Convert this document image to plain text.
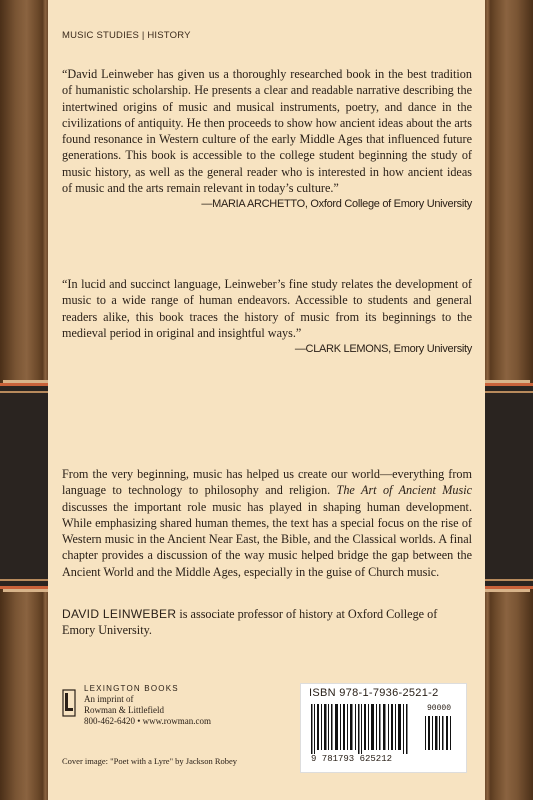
MUSIC STUDIES | HISTORY
“David Leinweber has given us a thoroughly researched book in the best tradition of humanistic scholarship. He presents a clear and readable narrative describing the intertwined origins of music and musical instruments, poetry, and dance in the civilizations of antiquity. He then proceeds to show how ancient ideas about the arts found resonance in Western culture of the early Middle Ages that influenced future generations. This book is accessible to the college student beginning the study of music history, as well as the general reader who is interested in how ancient ideas of music and the arts remain relevant in today’s culture.”
—MARIA ARCHETTO, Oxford College of Emory University
“In lucid and succinct language, Leinweber’s fine study relates the development of music to a wide range of human endeavors. Accessible to students and general readers alike, this book traces the history of music from its beginnings to the medieval period in original and insightful ways.”
—CLARK LEMONS, Emory University
From the very beginning, music has helped us create our world—everything from language to technology to philosophy and religion. The Art of Ancient Music discusses the important role music has played in shaping human development. While emphasizing shared human themes, the text has a special focus on the rise of Western music in the Ancient Near East, the Bible, and the Classical worlds. A final chapter provides a discussion of the way music helped bridge the gap between the Ancient World and the Middle Ages, especially in the guise of Church music.
DAVID LEINWEBER is associate professor of history at Oxford College of Emory University.
LEXINGTON BOOKS
An imprint of
Rowman & Littlefield
800-462-6420 • www.rowman.com
Cover image: "Poet with a Lyre" by Jackson Robey
ISBN 978-1-7936-2521-2
9 781793 625212
90000
